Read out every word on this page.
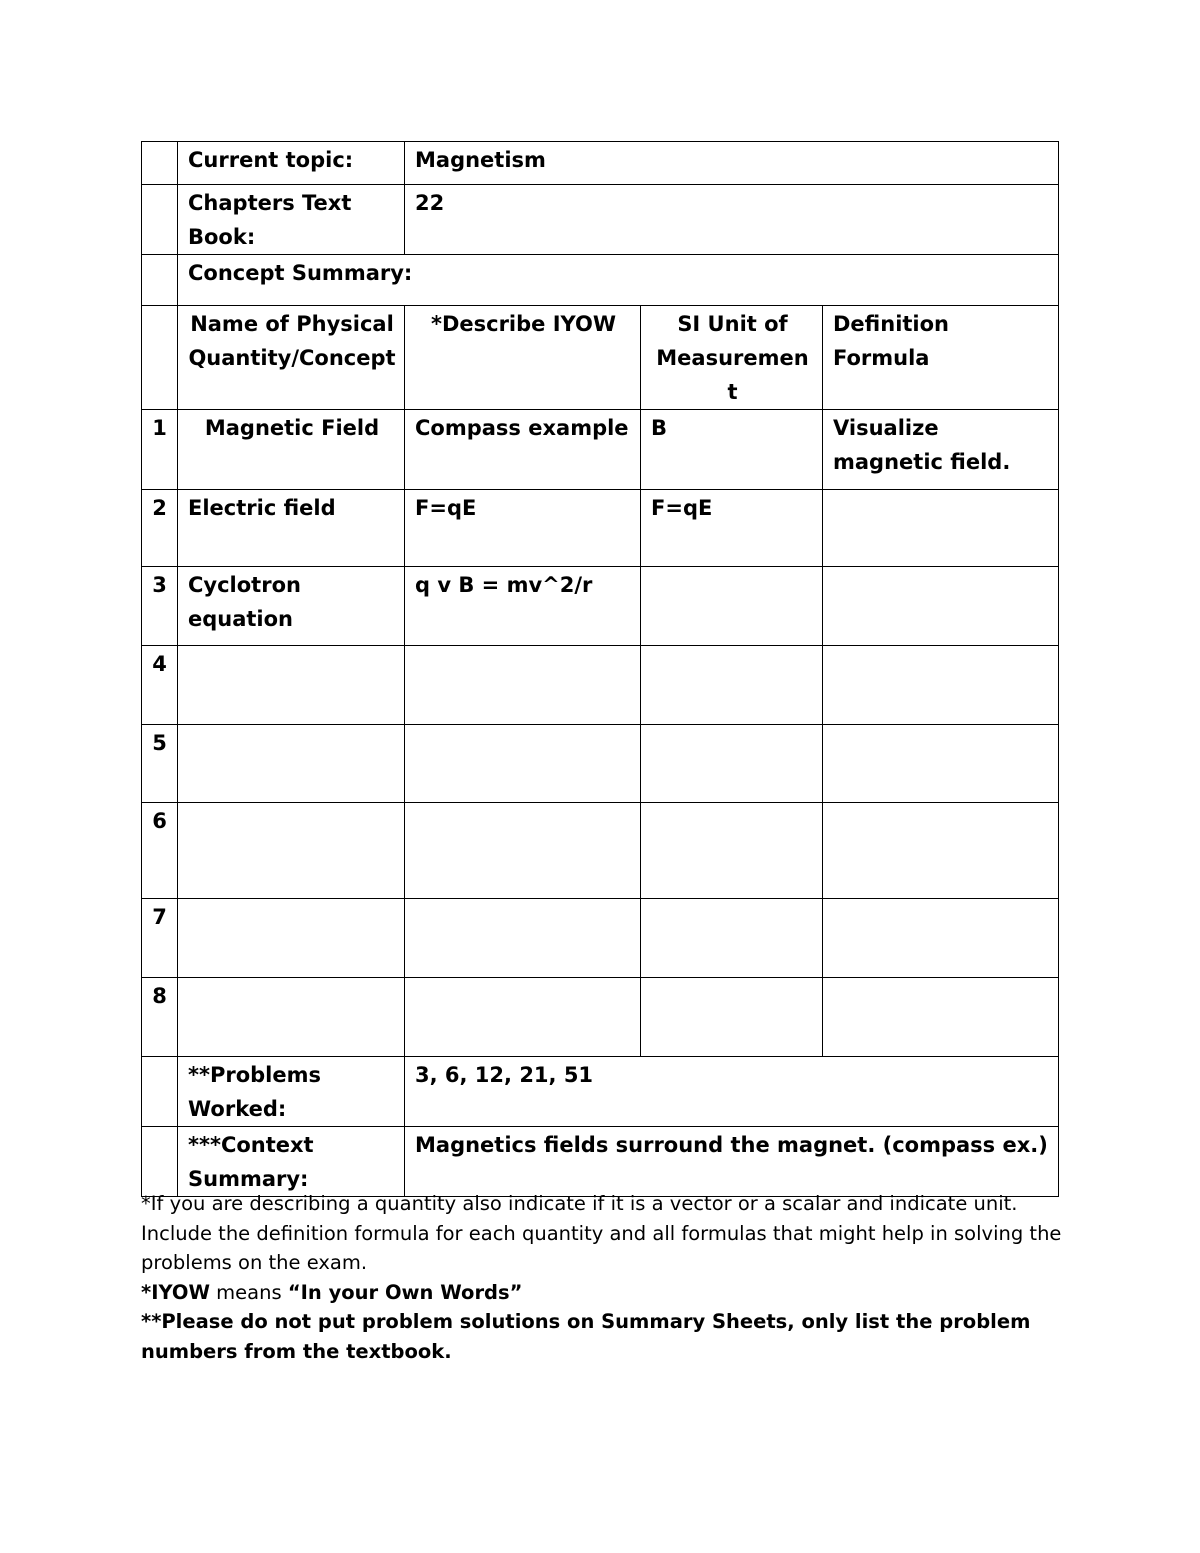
	Current topic:	Magnetism		
	Chapters Text Book:	22		
	Concept Summary:			
	Name of Physical Quantity/Concept	*Describe IYOW	SI Unit of Measuremen t	Definition Formula
1	Magnetic Field	Compass example	B	Visualize magnetic field.
2	Electric field	F=qE	F=qE	
3	Cyclotron equation	q v B = mv^2/r		
4				
5				
6				
7				
8				
	**Problems Worked:	3, 6, 12, 21, 51		
	***Context Summary:	Magnetics fields surround the magnet. (compass ex.)		

*If you are describing a quantity also indicate if it is a vector or a scalar and indicate unit. Include the definition formula for each quantity and all formulas that might help in solving the problems on the exam.

*IYOW means “In your Own Words”

**Please do not put problem solutions on Summary Sheets, only list the problem numbers from the textbook.
